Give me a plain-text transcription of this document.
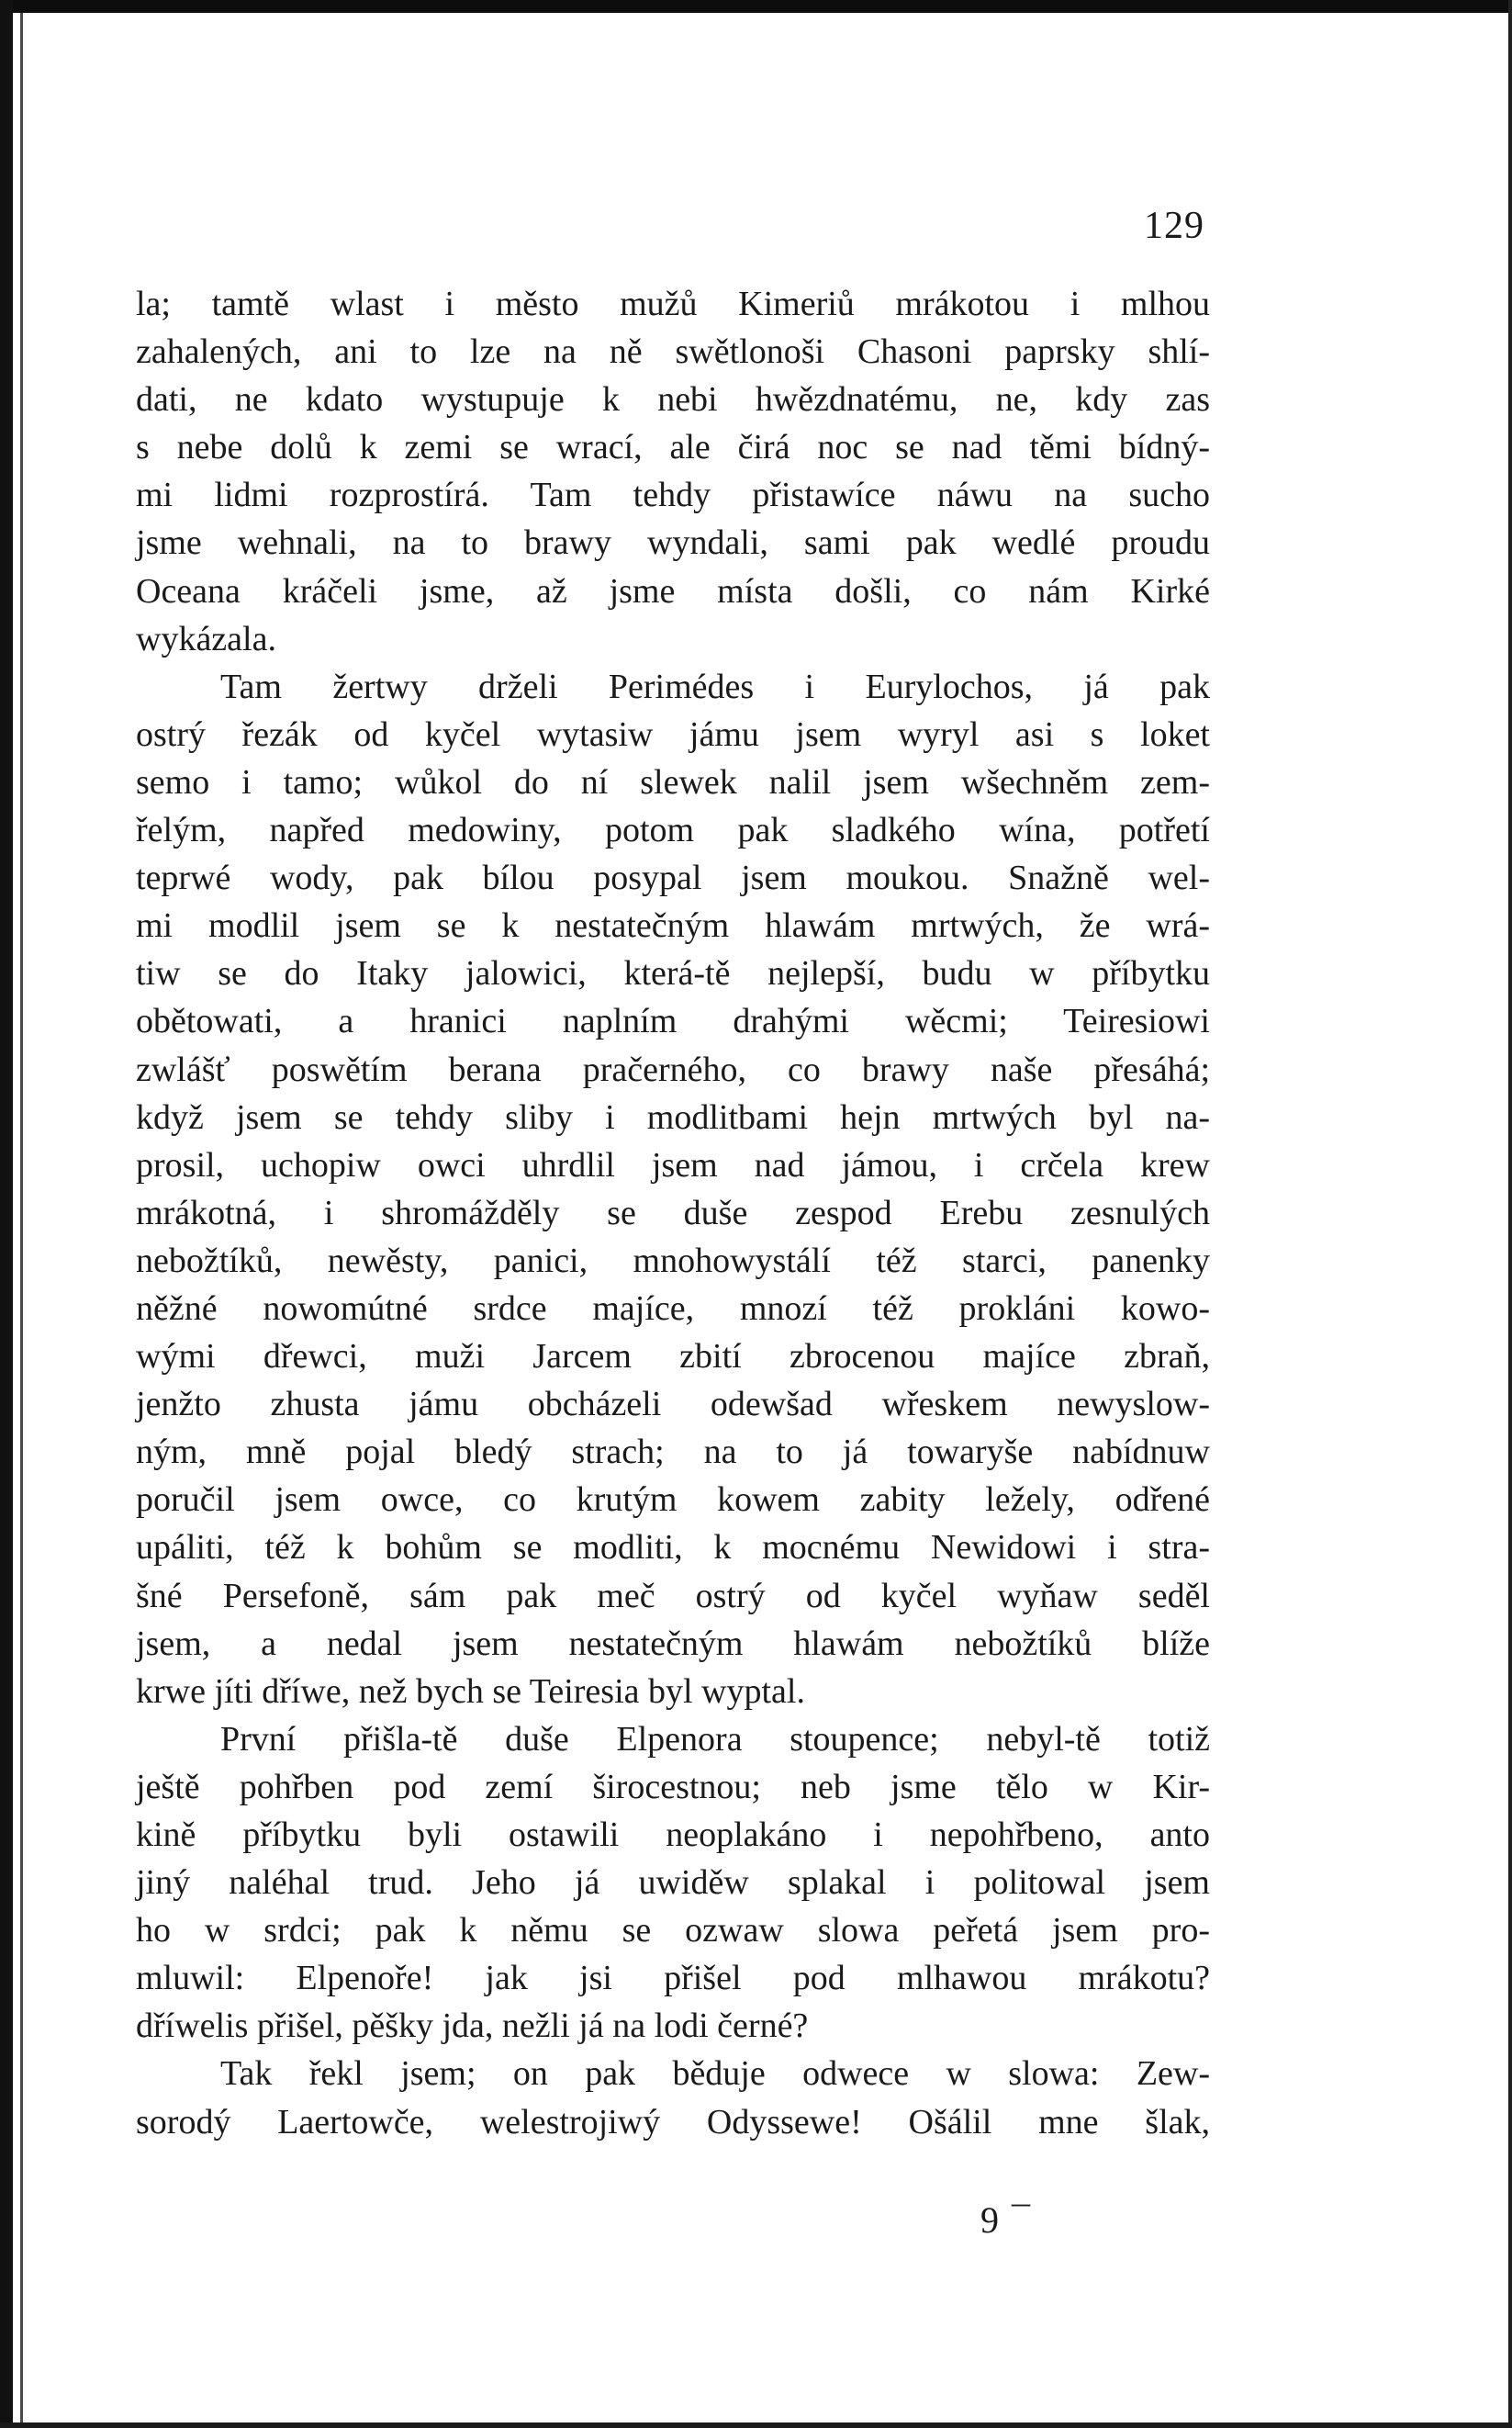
129
la; tamtě wlast i město mužů Kimeriů mrákotou i mlhou
zahalených, ani to lze na ně swětlonoši Chasoni paprsky shlí-
dati, ne kdato wystupuje k nebi hwězdnatému, ne, kdy zas
s nebe dolů k zemi se wrací, ale čirá noc se nad těmi bídný-
mi lidmi rozprostírá. Tam tehdy přistawíce náwu na sucho
jsme wehnali, na to brawy wyndali, sami pak wedlé proudu
Oceana kráčeli jsme, až jsme místa došli, co nám Kirké
wykázala.
Tam žertwy drželi Perimédes i Eurylochos, já pak
ostrý řezák od kyčel wytasiw jámu jsem wyryl asi s loket
semo i tamo; wůkol do ní slewek nalil jsem wšechněm zem-
řelým, napřed medowiny, potom pak sladkého wína, potřetí
teprwé wody, pak bílou posypal jsem moukou. Snažně wel-
mi modlil jsem se k nestatečným hlawám mrtwých, že wrá-
tiw se do Itaky jalowici, která-tě nejlepší, budu w příbytku
obětowati, a hranici naplním drahými wěcmi; Teiresiowi
zwlášť poswětím berana pračerného, co brawy naše přesáhá;
když jsem se tehdy sliby i modlitbami hejn mrtwých byl na-
prosil, uchopiw owci uhrdlil jsem nad jámou, i crčela krew
mrákotná, i shromážděly se duše zespod Erebu zesnulých
nebožtíků, newěsty, panici, mnohowystálí též starci, panenky
něžné nowomútné srdce majíce, mnozí též prokláni kowo-
wými dřewci, muži Jarcem zbití zbrocenou majíce zbraň,
jenžto zhusta jámu obcházeli odewšad wřeskem newyslow-
ným, mně pojal bledý strach; na to já towaryše nabídnuw
poručil jsem owce, co krutým kowem zabity ležely, odřené
upáliti, též k bohům se modliti, k mocnému Newidowi i stra-
šné Persefoně, sám pak meč ostrý od kyčel wyňaw seděl
jsem, a nedal jsem nestatečným hlawám nebožtíků blíže
krwe jíti dříwe, než bych se Teiresia byl wyptal.
První přišla-tě duše Elpenora stoupence; nebyl-tě totiž
ještě pohřben pod zemí širocestnou; neb jsme tělo w Kir-
kině příbytku byli ostawili neoplakáno i nepohřbeno, anto
jiný naléhal trud. Jeho já uwiděw splakal i politowal jsem
ho w srdci; pak k němu se ozwaw slowa peřetá jsem pro-
mluwil: Elpenoře! jak jsi přišel pod mlhawou mrákotu?
dříwelis přišel, pěšky jda, nežli já na lodi černé?
Tak řekl jsem; on pak běduje odwece w slowa: Zew-
sorodý Laertowče, welestrojiwý Odyssewe! Ošálil mne šlak,
9 ¯
